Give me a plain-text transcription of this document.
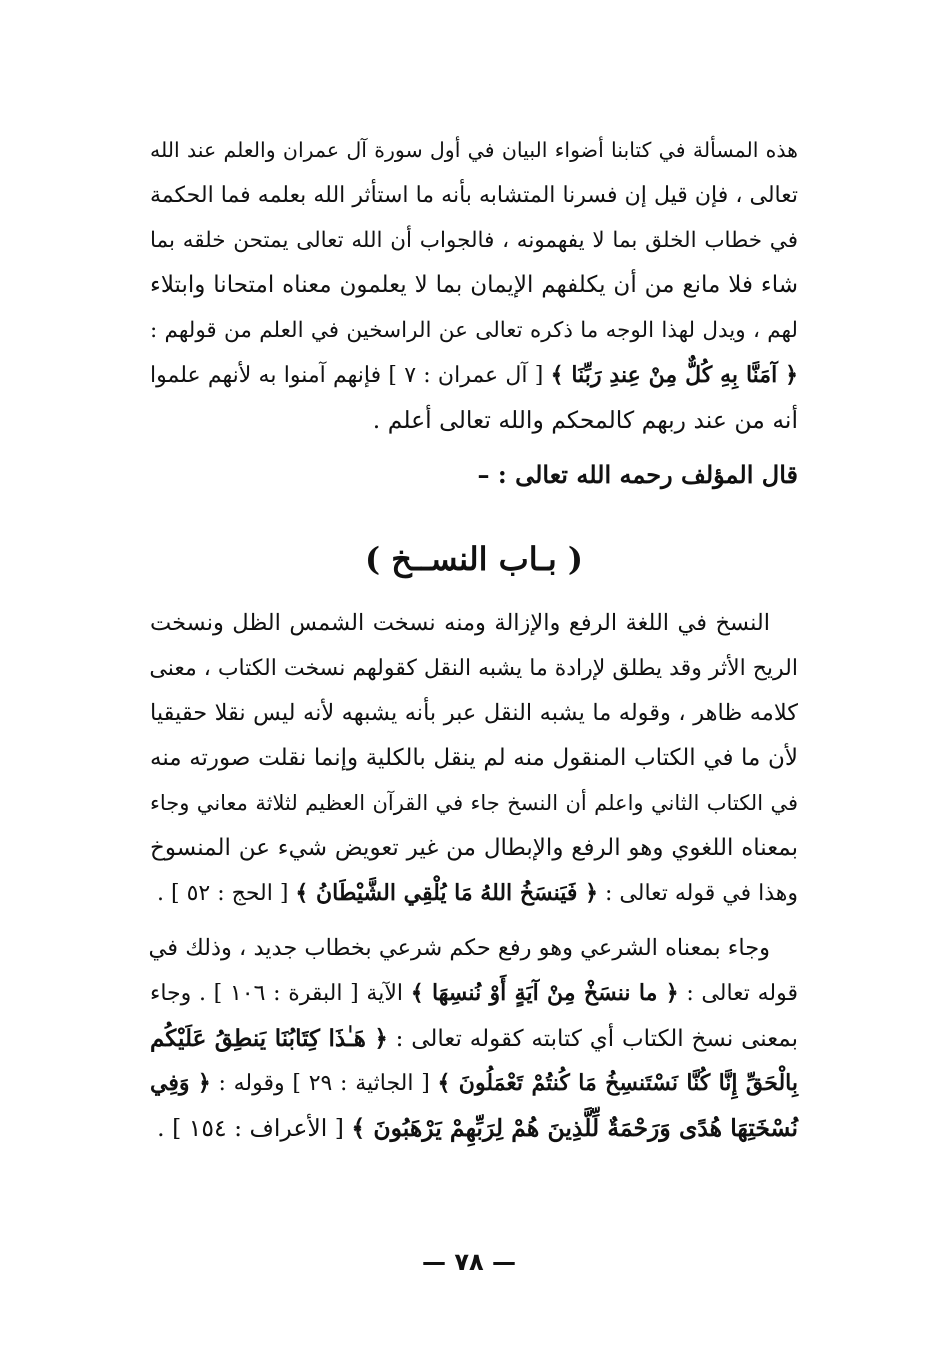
هذه المسألة في كتابنا أضواء البيان في أول سورة آل عمران والعلم عند الله
تعالى ، فإن قيل إن فسرنا المتشابه بأنه ما استأثر الله بعلمه فما الحكمة
في خطاب الخلق بما لا يفهمونه ، فالجواب أن الله تعالى يمتحن خلقه بما
شاء فلا مانع من أن يكلفهم الإيمان بما لا يعلمون معناه امتحانا وابتلاء
لهم ، ويدل لهذا الوجه ما ذكره تعالى عن الراسخين في العلم من قولهم :
﴿ آمَنَّا بِهِ كُلٌّ مِنْ عِندِ رَبِّنَا ﴾ [ آل عمران : ٧ ] فإنهم آمنوا به لأنهم علموا
أنه من عند ربهم كالمحكم والله تعالى أعلم .
قال المؤلف رحمه الله تعالى : –
( بـاب النســخ )
النسخ في اللغة الرفع والإزالة ومنه نسخت الشمس الظل ونسخت
الريح الأثر وقد يطلق لإرادة ما يشبه النقل كقولهم نسخت الكتاب ، معنى
كلامه ظاهر ، وقوله ما يشبه النقل عبر بأنه يشبهه لأنه ليس نقلا حقيقيا
لأن ما في الكتاب المنقول منه لم ينقل بالكلية وإنما نقلت صورته منه
في الكتاب الثاني واعلم أن النسخ جاء في القرآن العظيم لثلاثة معاني وجاء
بمعناه اللغوي وهو الرفع والإبطال من غير تعويض شيء عن المنسوخ
وهذا في قوله تعالى : ﴿ فَيَنسَخُ اللهُ مَا يُلْقِي الشَّيْطَانُ ﴾ [ الحج : ٥٢ ] .
وجاء بمعناه الشرعي وهو رفع حكم شرعي بخطاب جديد ، وذلك في
قوله تعالى : ﴿ ما ننسَخْ مِنْ آيَةٍ أَوْ نُنسِهَا ﴾ الآية [ البقرة : ١٠٦ ] . وجاء
بمعنى نسخ الكتاب أي كتابته كقوله تعالى : ﴿ هَـٰذَا كِتَابُنَا يَنطِقُ عَلَيْكُم
بِالْحَقِّ إِنَّا كُنَّا نَسْتَنسِخُ مَا كُنتُمْ تَعْمَلُونَ ﴾ [ الجاثية : ٢٩ ] وقوله : ﴿ وَفِي
نُسْخَتِهَا هُدًى وَرَحْمَةٌ لِّلَّذِينَ هُمْ لِرَبِّهِمْ يَرْهَبُونَ ﴾ [ الأعراف : ١٥٤ ] .
— ٧٨ —
